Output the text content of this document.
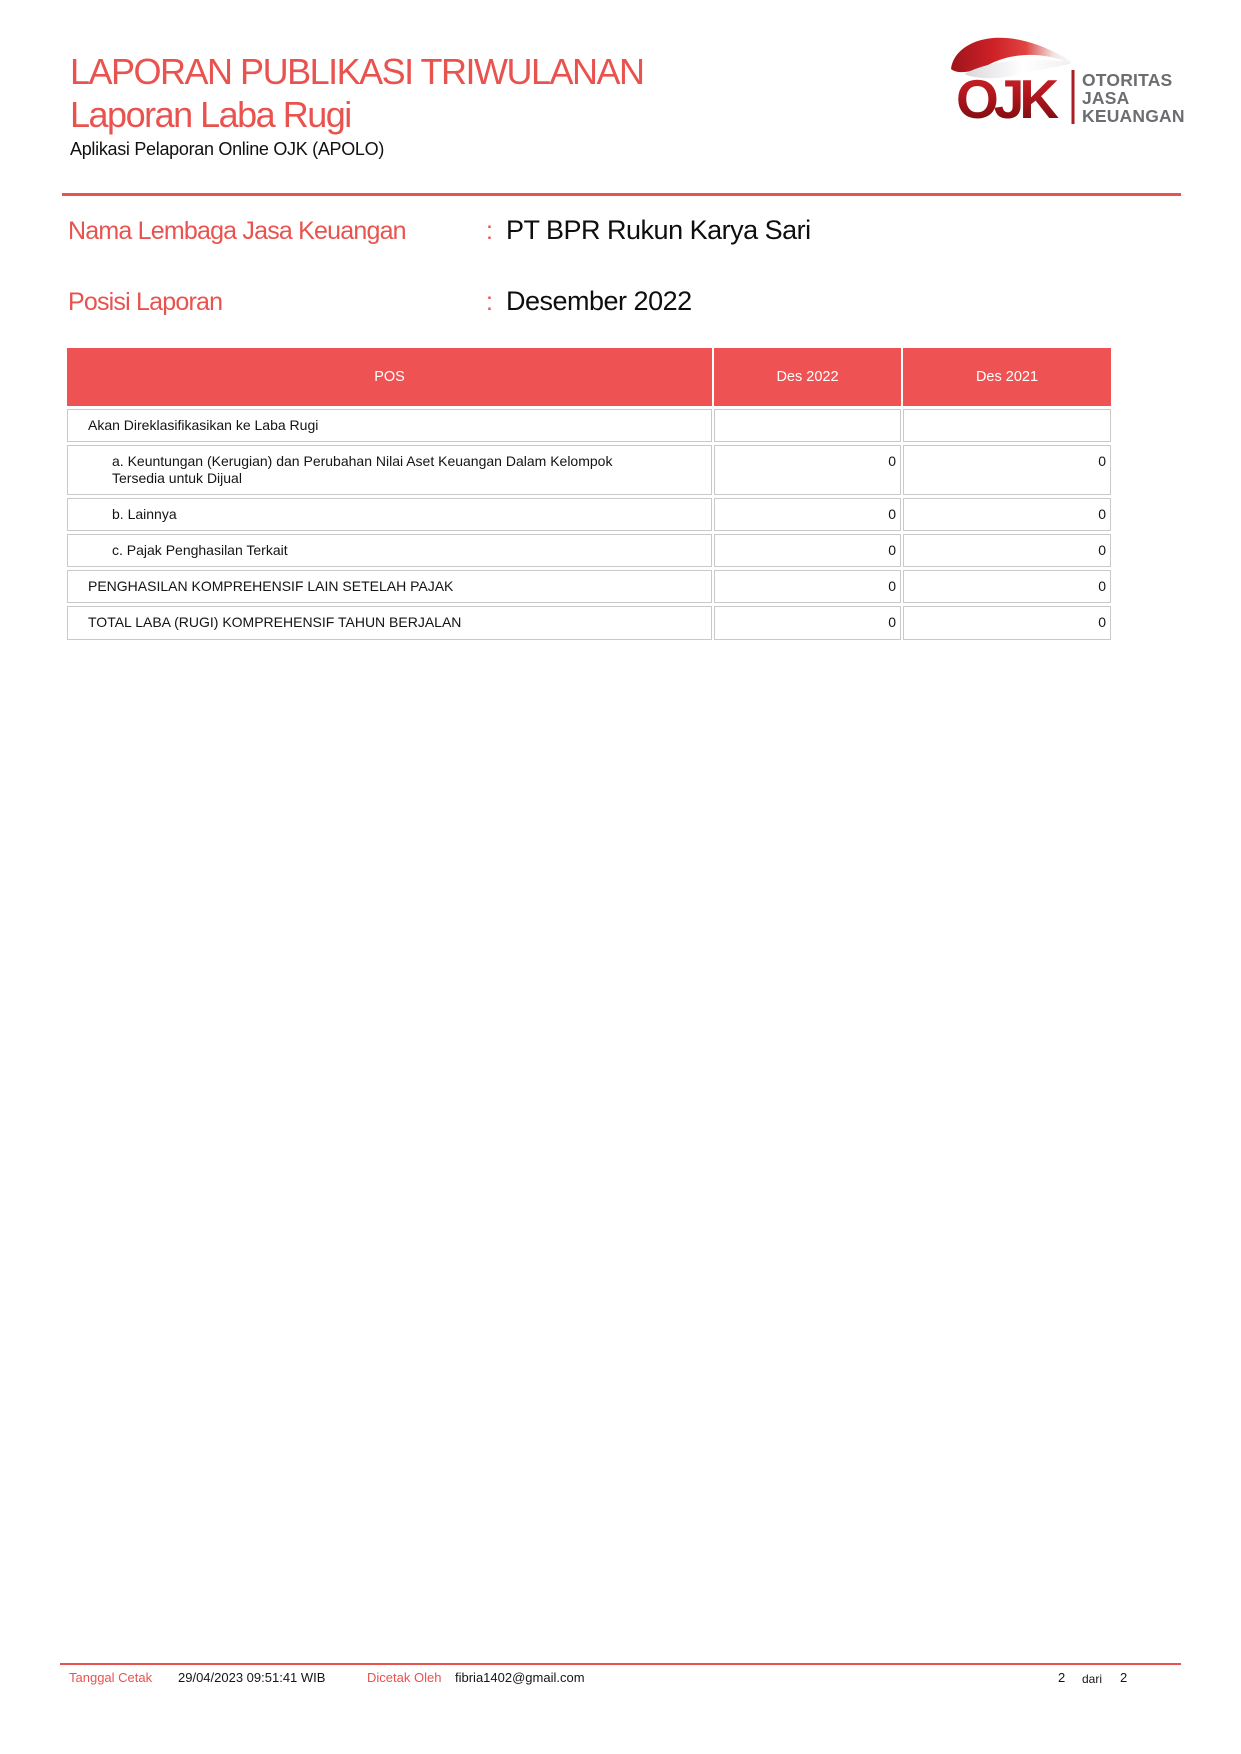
LAPORAN PUBLIKASI TRIWULANAN
Laporan Laba Rugi
Aplikasi Pelaporan Online OJK (APOLO)
OJK	OTORITAS
JASA
KEUANGAN
Nama Lembaga Jasa Keuangan	: PT BPR Rukun Karya Sari
Posisi Laporan	: Desember 2022
POS	Des 2022	Des 2021
Akan Direklasifikasikan ke Laba Rugi		
a. Keuntungan (Kerugian) dan Perubahan Nilai Aset Keuangan Dalam Kelompok Tersedia untuk Dijual	0	0
b. Lainnya	0	0
c. Pajak Penghasilan Terkait	0	0
PENGHASILAN KOMPREHENSIF LAIN SETELAH PAJAK	0	0
TOTAL LABA (RUGI) KOMPREHENSIF TAHUN BERJALAN	0	0
Tanggal Cetak 29/04/2023 09:51:41 WIB	Dicetak Oleh fibria1402@gmail.com	2 dari 2
